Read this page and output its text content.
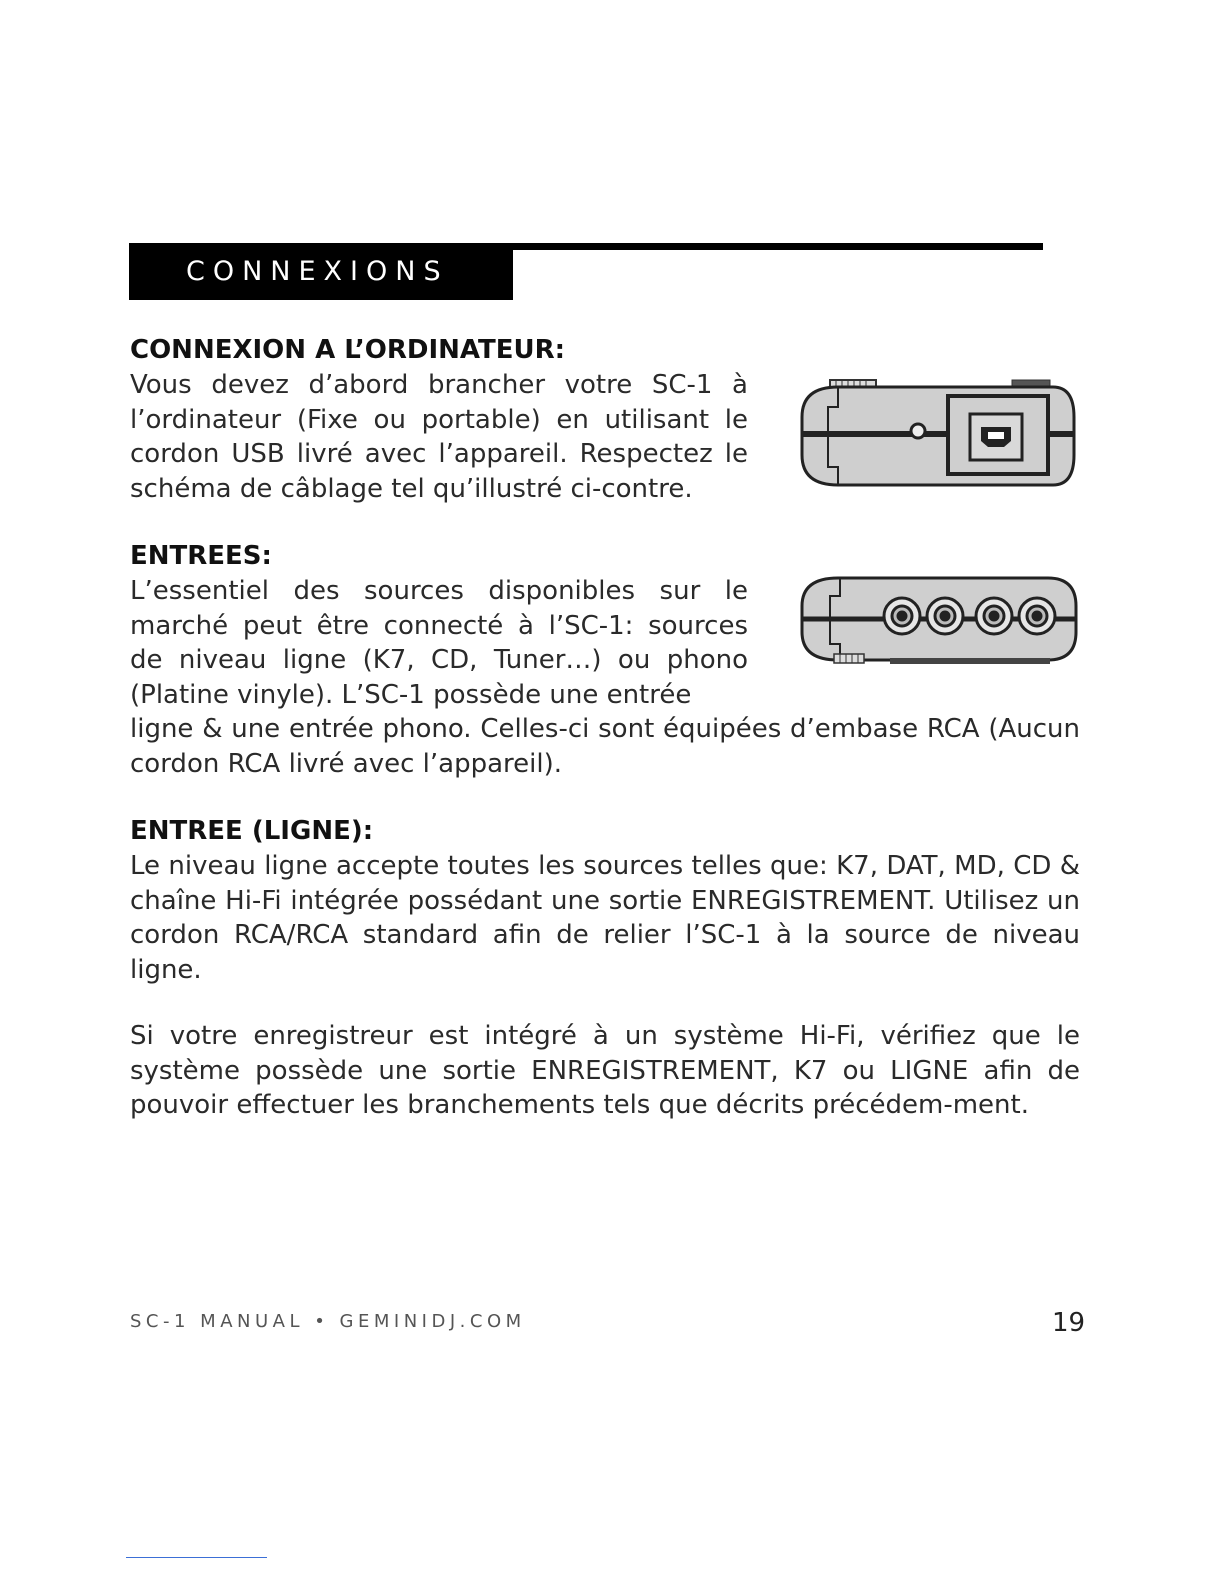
CONNEXIONS
CONNEXION A L’ORDINATEUR:

Vous devez d’abord brancher votre SC-1 à l’ordinateur (Fixe ou portable) en utilisant le cordon USB livré avec l’appareil. Respectez le schéma de câblage tel qu’illustré ci-contre.

ENTREES:

L’essentiel des sources disponibles sur le marché peut être connecté à l’SC-1: sources de niveau ligne (K7, CD, Tuner…) ou phono (Platine vinyle). L’SC-1 possède une entrée

ligne & une entrée phono. Celles-ci sont équipées d’embase RCA (Aucun cordon RCA livré avec l’appareil).

ENTREE (LIGNE):

Le niveau ligne accepte toutes les sources telles que: K7, DAT, MD, CD & chaîne Hi-Fi intégrée possédant une sortie ENREGISTREMENT. Utilisez un cordon RCA/RCA standard afin de relier l’SC-1 à la source de niveau ligne.

Si votre enregistreur est intégré à un système Hi-Fi, vérifiez que le système possède une sortie ENREGISTREMENT, K7 ou LIGNE afin de pouvoir effectuer les branchements tels que décrits précédem-ment.

SC-1 MANUAL • GEMINIDJ.COM	19
